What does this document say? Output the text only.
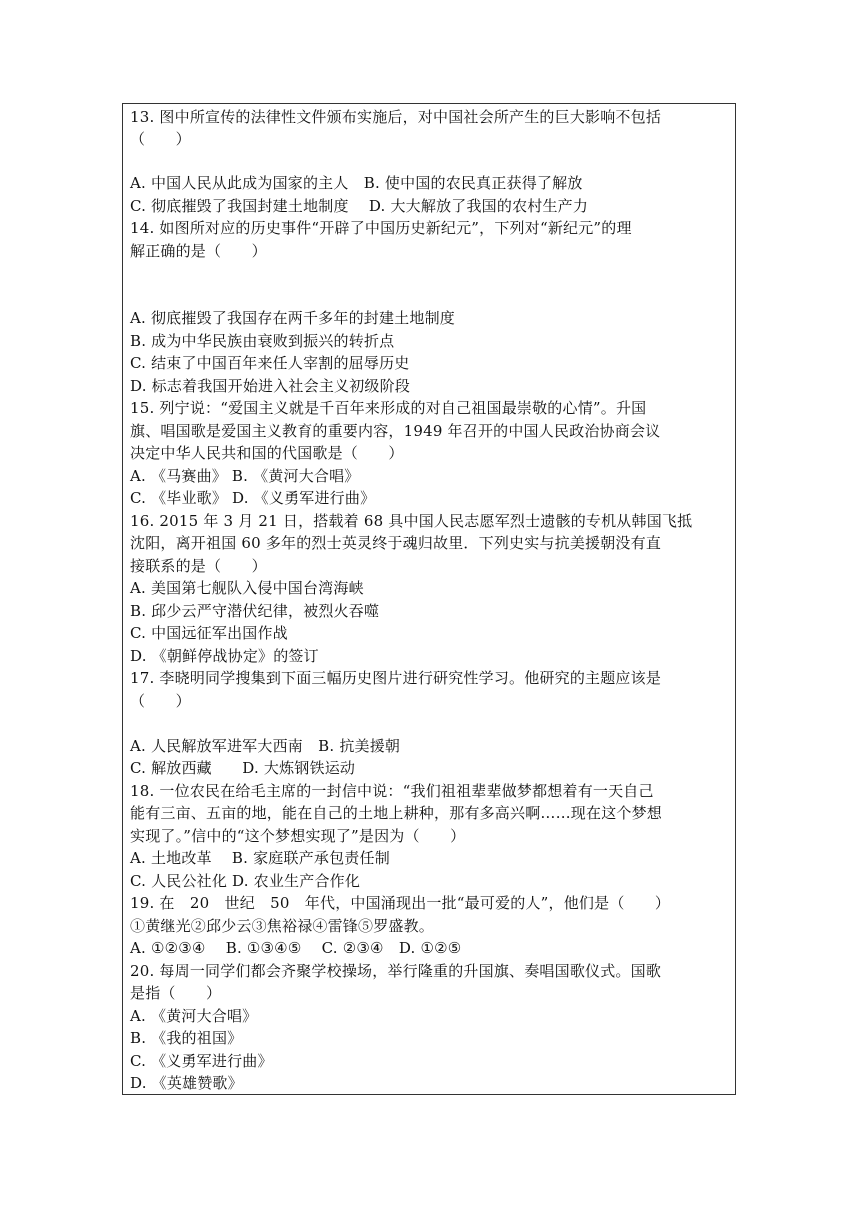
13. 图中所宣传的法律性文件颁布实施后，对中国社会所产生的巨大影响不包括
（　　）
A. 中国人民从此成为国家的主人　B. 使中国的农民真正获得了解放
C. 彻底摧毁了我国封建土地制度　 D. 大大解放了我国的农村生产力
14. 如图所对应的历史事件“开辟了中国历史新纪元”，下列对“新纪元”的理
解正确的是（　　）
A. 彻底摧毁了我国存在两千多年的封建土地制度
B. 成为中华民族由衰败到振兴的转折点
C. 结束了中国百年来任人宰割的屈辱历史
D. 标志着我国开始进入社会主义初级阶段
15. 列宁说：“爱国主义就是千百年来形成的对自己祖国最崇敬的心情”。升国
旗、唱国歌是爱国主义教育的重要内容，1949 年召开的中国人民政治协商会议
决定中华人民共和国的代国歌是（　　）
A. 《马赛曲》 B. 《黄河大合唱》
C. 《毕业歌》 D. 《义勇军进行曲》
16. 2015 年 3 月 21 日，搭载着 68 具中国人民志愿军烈士遗骸的专机从韩国飞抵
沈阳，离开祖国 60 多年的烈士英灵终于魂归故里．下列史实与抗美援朝没有直
接联系的是（　　）
A. 美国第七舰队入侵中国台湾海峡
B. 邱少云严守潜伏纪律，被烈火吞噬
C. 中国远征军出国作战
D. 《朝鲜停战协定》的签订
17. 李晓明同学搜集到下面三幅历史图片进行研究性学习。他研究的主题应该是
（　　）
A. 人民解放军进军大西南　B. 抗美援朝
C. 解放西藏　　D. 大炼钢铁运动
18. 一位农民在给毛主席的一封信中说：“我们祖祖辈辈做梦都想着有一天自己
能有三亩、五亩的地，能在自己的土地上耕种，那有多高兴啊……现在这个梦想
实现了。”信中的“这个梦想实现了”是因为（　　）
A. 土地改革　 B. 家庭联产承包责任制
C. 人民公社化 D. 农业生产合作化
19. 在　20　世纪　50　年代，中国涌现出一批“最可爱的人”，他们是（　　）
①黄继光②邱少云③焦裕禄④雷锋⑤罗盛教。
A. ①②③④　 B. ①③④⑤　 C. ②③④　D. ①②⑤
20. 每周一同学们都会齐聚学校操场，举行隆重的升国旗、奏唱国歌仪式。国歌
是指（　　）
A. 《黄河大合唱》
B. 《我的祖国》
C. 《义勇军进行曲》
D. 《英雄赞歌》
